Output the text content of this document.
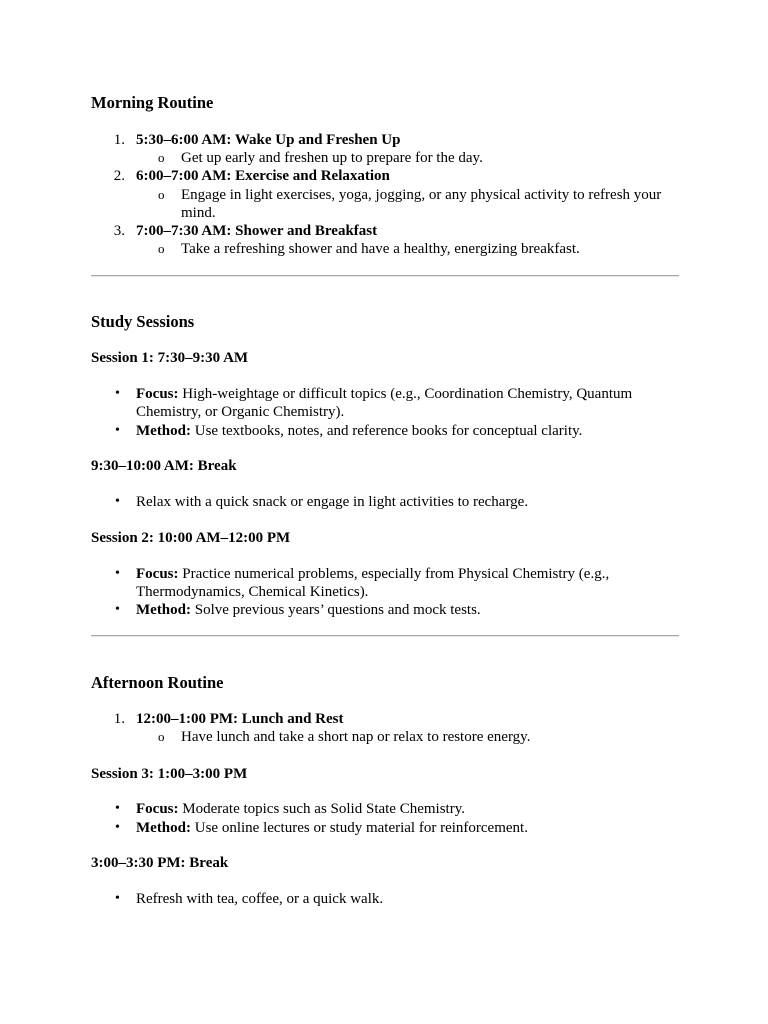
Morning Routine
1. 5:30–6:00 AM: Wake Up and Freshen Up
o Get up early and freshen up to prepare for the day.
2. 6:00–7:00 AM: Exercise and Relaxation
o Engage in light exercises, yoga, jogging, or any physical activity to refresh your mind.
3. 7:00–7:30 AM: Shower and Breakfast
o Take a refreshing shower and have a healthy, energizing breakfast.
Study Sessions

Session 1: 7:30–9:30 AM

• Focus: High-weightage or difficult topics (e.g., Coordination Chemistry, Quantum Chemistry, or Organic Chemistry).
• Method: Use textbooks, notes, and reference books for conceptual clarity.

9:30–10:00 AM: Break

• Relax with a quick snack or engage in light activities to recharge.

Session 2: 10:00 AM–12:00 PM

• Focus: Practice numerical problems, especially from Physical Chemistry (e.g., Thermodynamics, Chemical Kinetics).
• Method: Solve previous years’ questions and mock tests.
Afternoon Routine
1. 12:00–1:00 PM: Lunch and Rest
o Have lunch and take a short nap or relax to restore energy.

Session 3: 1:00–3:00 PM

• Focus: Moderate topics such as Solid State Chemistry.
• Method: Use online lectures or study material for reinforcement.

3:00–3:30 PM: Break

• Refresh with tea, coffee, or a quick walk.
